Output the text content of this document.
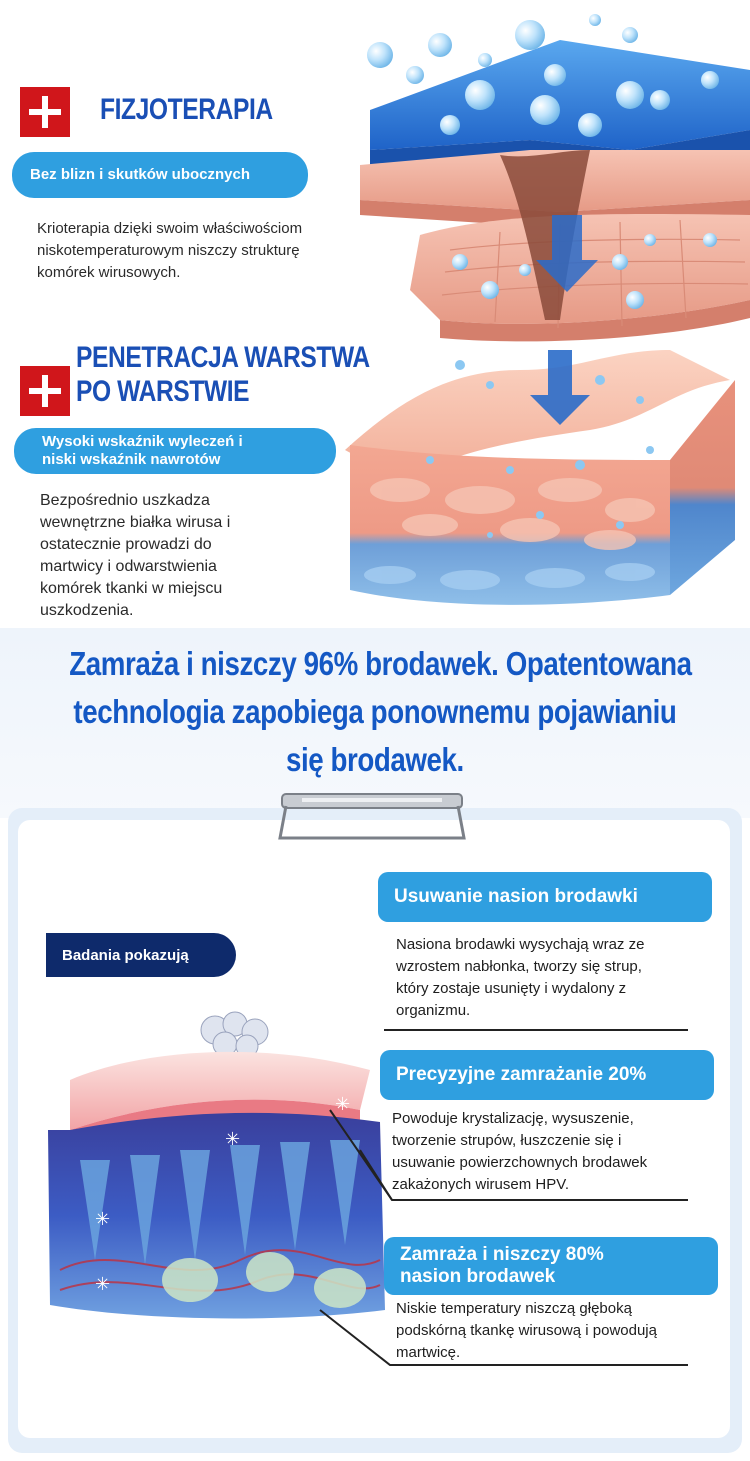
FIZJOTERAPIA
Bez blizn i skutków ubocznych
Krioterapia dzięki swoim właściwościom
niskotemperaturowym niszczy strukturę
komórek wirusowych.
PENETRACJA WARSTWA
PO WARSTWIE
Wysoki wskaźnik wyleczeń i
niski wskaźnik nawrotów
Bezpośrednio uszkadza
wewnętrzne białka wirusa i
ostatecznie prowadzi do
martwicy i odwarstwienia
komórek tkanki w miejscu
uszkodzenia.
Zamraża i niszczy 96% brodawek. Opatentowana
technologia zapobiega ponownemu pojawianiu
się brodawek.
Badania pokazują
✳
✳
✳
✳
Usuwanie nasion brodawki
Nasiona brodawki wysychają wraz ze
wzrostem nabłonka, tworzy się strup,
który zostaje usunięty i wydalony z
organizmu.
Precyzyjne zamrażanie 20%
Powoduje krystalizację, wysuszenie,
tworzenie strupów, łuszczenie się i
usuwanie powierzchownych brodawek
zakażonych wirusem HPV.
Zamraża i niszczy 80%
nasion brodawek
Niskie temperatury niszczą głęboką
podskórną tkankę wirusową i powodują
martwicę.
